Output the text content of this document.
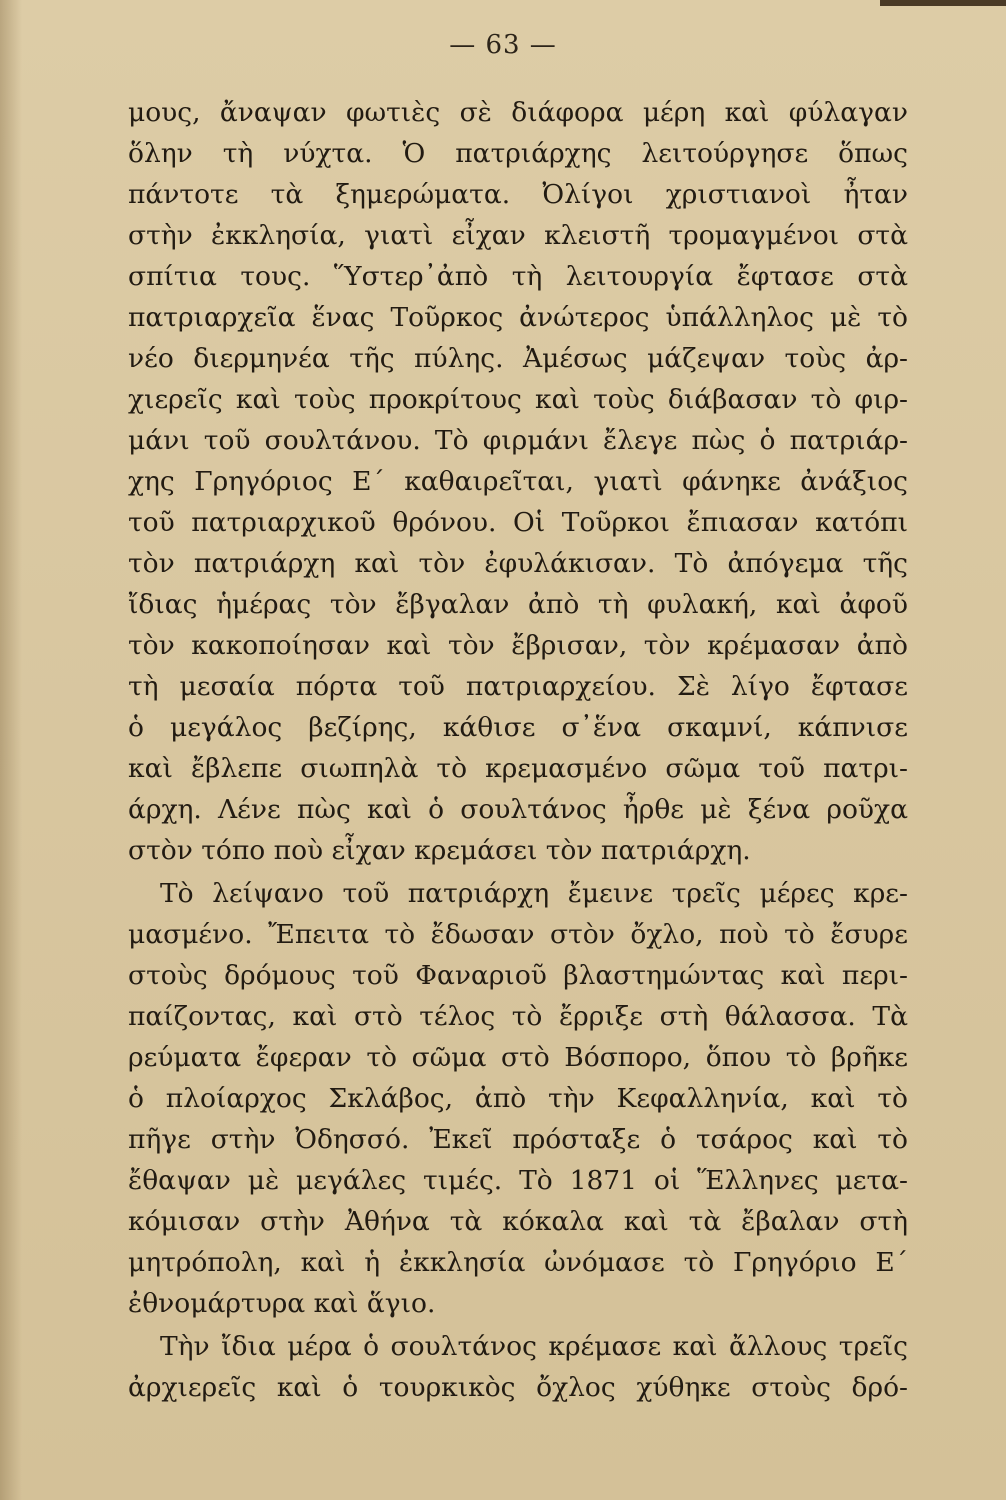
— 63 —
μους, ἄναψαν φωτιὲς σὲ διάφορα μέρη καὶ φύλαγαν
ὅλην τὴ νύχτα. Ὁ πατριάρχης λειτούργησε ὅπως
πάντοτε τὰ ξημερώματα. Ὀλίγοι χριστιανοὶ ἦταν
στὴν ἐκκλησία, γιατὶ εἶχαν κλειστῆ τρομαγμένοι στὰ
σπίτια τους. Ὕστερ᾽ἀπὸ τὴ λειτουργία ἔφτασε στὰ
πατριαρχεῖα ἕνας Τοῦρκος ἀνώτερος ὑπάλληλος μὲ τὸ
νέο διερμηνέα τῆς πύλης. Ἀμέσως μάζεψαν τοὺς ἀρ-
χιερεῖς καὶ τοὺς προκρίτους καὶ τοὺς διάβασαν τὸ φιρ-
μάνι τοῦ σουλτάνου. Τὸ φιρμάνι ἔλεγε πὼς ὁ πατριάρ-
χης Γρηγόριος Ε΄ καθαιρεῖται, γιατὶ φάνηκε ἀνάξιος
τοῦ πατριαρχικοῦ θρόνου. Οἱ Τοῦρκοι ἔπιασαν κατόπι
τὸν πατριάρχη καὶ τὸν ἐφυλάκισαν. Τὸ ἀπόγεμα τῆς
ἴδιας ἡμέρας τὸν ἔβγαλαν ἀπὸ τὴ φυλακή, καὶ ἀφοῦ
τὸν κακοποίησαν καὶ τὸν ἔβρισαν, τὸν κρέμασαν ἀπὸ
τὴ μεσαία πόρτα τοῦ πατριαρχείου. Σὲ λίγο ἔφτασε
ὁ μεγάλος βεζίρης, κάθισε σ᾽ἕνα σκαμνί, κάπνισε
καὶ ἔβλεπε σιωπηλὰ τὸ κρεμασμένο σῶμα τοῦ πατρι-
άρχη. Λένε πὼς καὶ ὁ σουλτάνος ἦρθε μὲ ξένα ροῦχα
στὸν τόπο ποὺ εἶχαν κρεμάσει τὸν πατριάρχη.
Τὸ λείψανο τοῦ πατριάρχη ἔμεινε τρεῖς μέρες κρε-
μασμένο. Ἔπειτα τὸ ἔδωσαν στὸν ὄχλο, ποὺ τὸ ἔσυρε
στοὺς δρόμους τοῦ Φαναριοῦ βλαστημώντας καὶ περι-
παίζοντας, καὶ στὸ τέλος τὸ ἔρριξε στὴ θάλασσα. Τὰ
ρεύματα ἔφεραν τὸ σῶμα στὸ Βόσπορο, ὅπου τὸ βρῆκε
ὁ πλοίαρχος Σκλάβος, ἀπὸ τὴν Κεφαλληνία, καὶ τὸ
πῆγε στὴν Ὀδησσό. Ἐκεῖ πρόσταξε ὁ τσάρος καὶ τὸ
ἔθαψαν μὲ μεγάλες τιμές. Τὸ 1871 οἱ Ἕλληνες μετα-
κόμισαν στὴν Ἀθήνα τὰ κόκαλα καὶ τὰ ἔβαλαν στὴ
μητρόπολη, καὶ ἡ ἐκκλησία ὠνόμασε τὸ Γρηγόριο Ε΄
ἐθνομάρτυρα καὶ ἅγιο.
Τὴν ἴδια μέρα ὁ σουλτάνος κρέμασε καὶ ἄλλους τρεῖς
ἀρχιερεῖς καὶ ὁ τουρκικὸς ὄχλος χύθηκε στοὺς δρό-
